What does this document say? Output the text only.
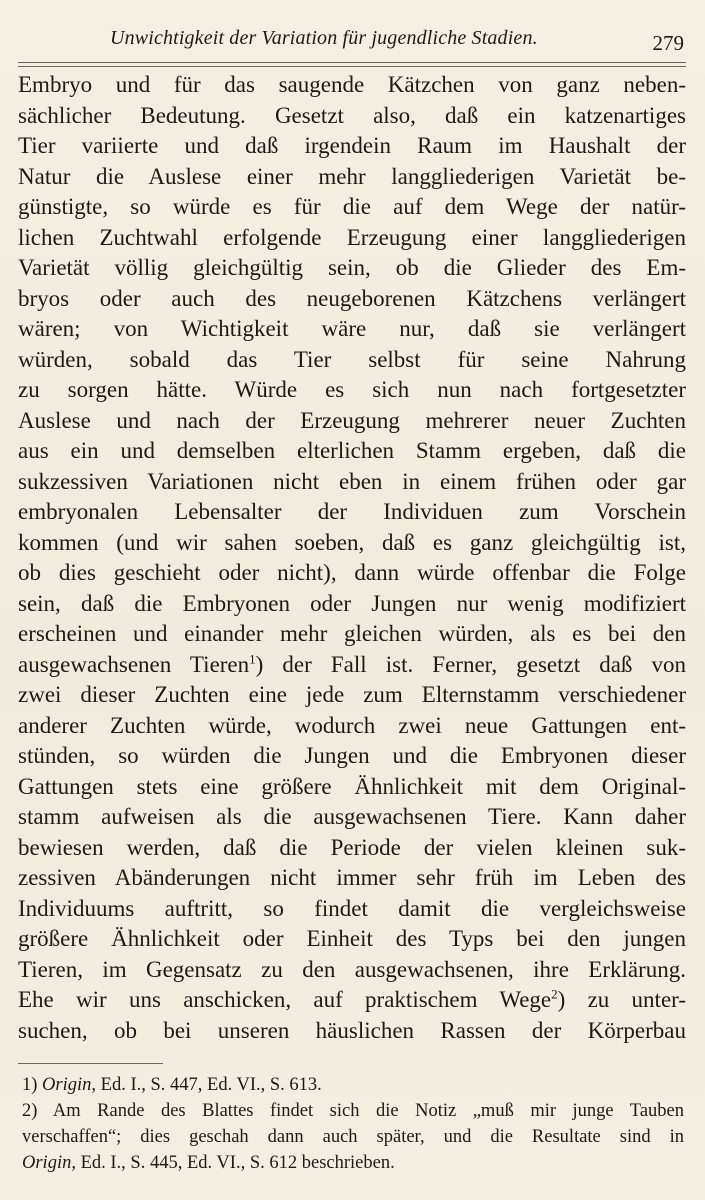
Unwichtigkeit der Variation für jugendliche Stadien.	279
Embryo und für das saugende Kätzchen von ganz neben-
sächlicher Bedeutung. Gesetzt also, daß ein katzenartiges
Tier variierte und daß irgendein Raum im Haushalt der
Natur die Auslese einer mehr langgliederigen Varietät be-
günstigte, so würde es für die auf dem Wege der natür-
lichen Zuchtwahl erfolgende Erzeugung einer langgliederigen
Varietät völlig gleichgültig sein, ob die Glieder des Em-
bryos oder auch des neugeborenen Kätzchens verlängert
wären; von Wichtigkeit wäre nur, daß sie verlängert
würden, sobald das Tier selbst für seine Nahrung
zu sorgen hätte. Würde es sich nun nach fortgesetzter
Auslese und nach der Erzeugung mehrerer neuer Zuchten
aus ein und demselben elterlichen Stamm ergeben, daß die
sukzessiven Variationen nicht eben in einem frühen oder gar
embryonalen Lebensalter der Individuen zum Vorschein
kommen (und wir sahen soeben, daß es ganz gleichgültig ist,
ob dies geschieht oder nicht), dann würde offenbar die Folge
sein, daß die Embryonen oder Jungen nur wenig modifiziert
erscheinen und einander mehr gleichen würden, als es bei den
ausgewachsenen Tieren$^1$) der Fall ist. Ferner, gesetzt daß von
zwei dieser Zuchten eine jede zum Elternstamm verschiedener
anderer Zuchten würde, wodurch zwei neue Gattungen ent-
stünden, so würden die Jungen und die Embryonen dieser
Gattungen stets eine größere Ähnlichkeit mit dem Original-
stamm aufweisen als die ausgewachsenen Tiere. Kann daher
bewiesen werden, daß die Periode der vielen kleinen suk-
zessiven Abänderungen nicht immer sehr früh im Leben des
Individuums auftritt, so findet damit die vergleichsweise
größere Ähnlichkeit oder Einheit des Typs bei den jungen
Tieren, im Gegensatz zu den ausgewachsenen, ihre Erklärung.
Ehe wir uns anschicken, auf praktischem Wege$^2$) zu unter-
suchen, ob bei unseren häuslichen Rassen der Körperbau
1) Origin, Ed. I., S. 447, Ed. VI., S. 613.
2) Am Rande des Blattes findet sich die Notiz „muß mir junge Tauben
verschaffen“; dies geschah dann auch später, und die Resultate sind in
Origin, Ed. I., S. 445, Ed. VI., S. 612 beschrieben.
